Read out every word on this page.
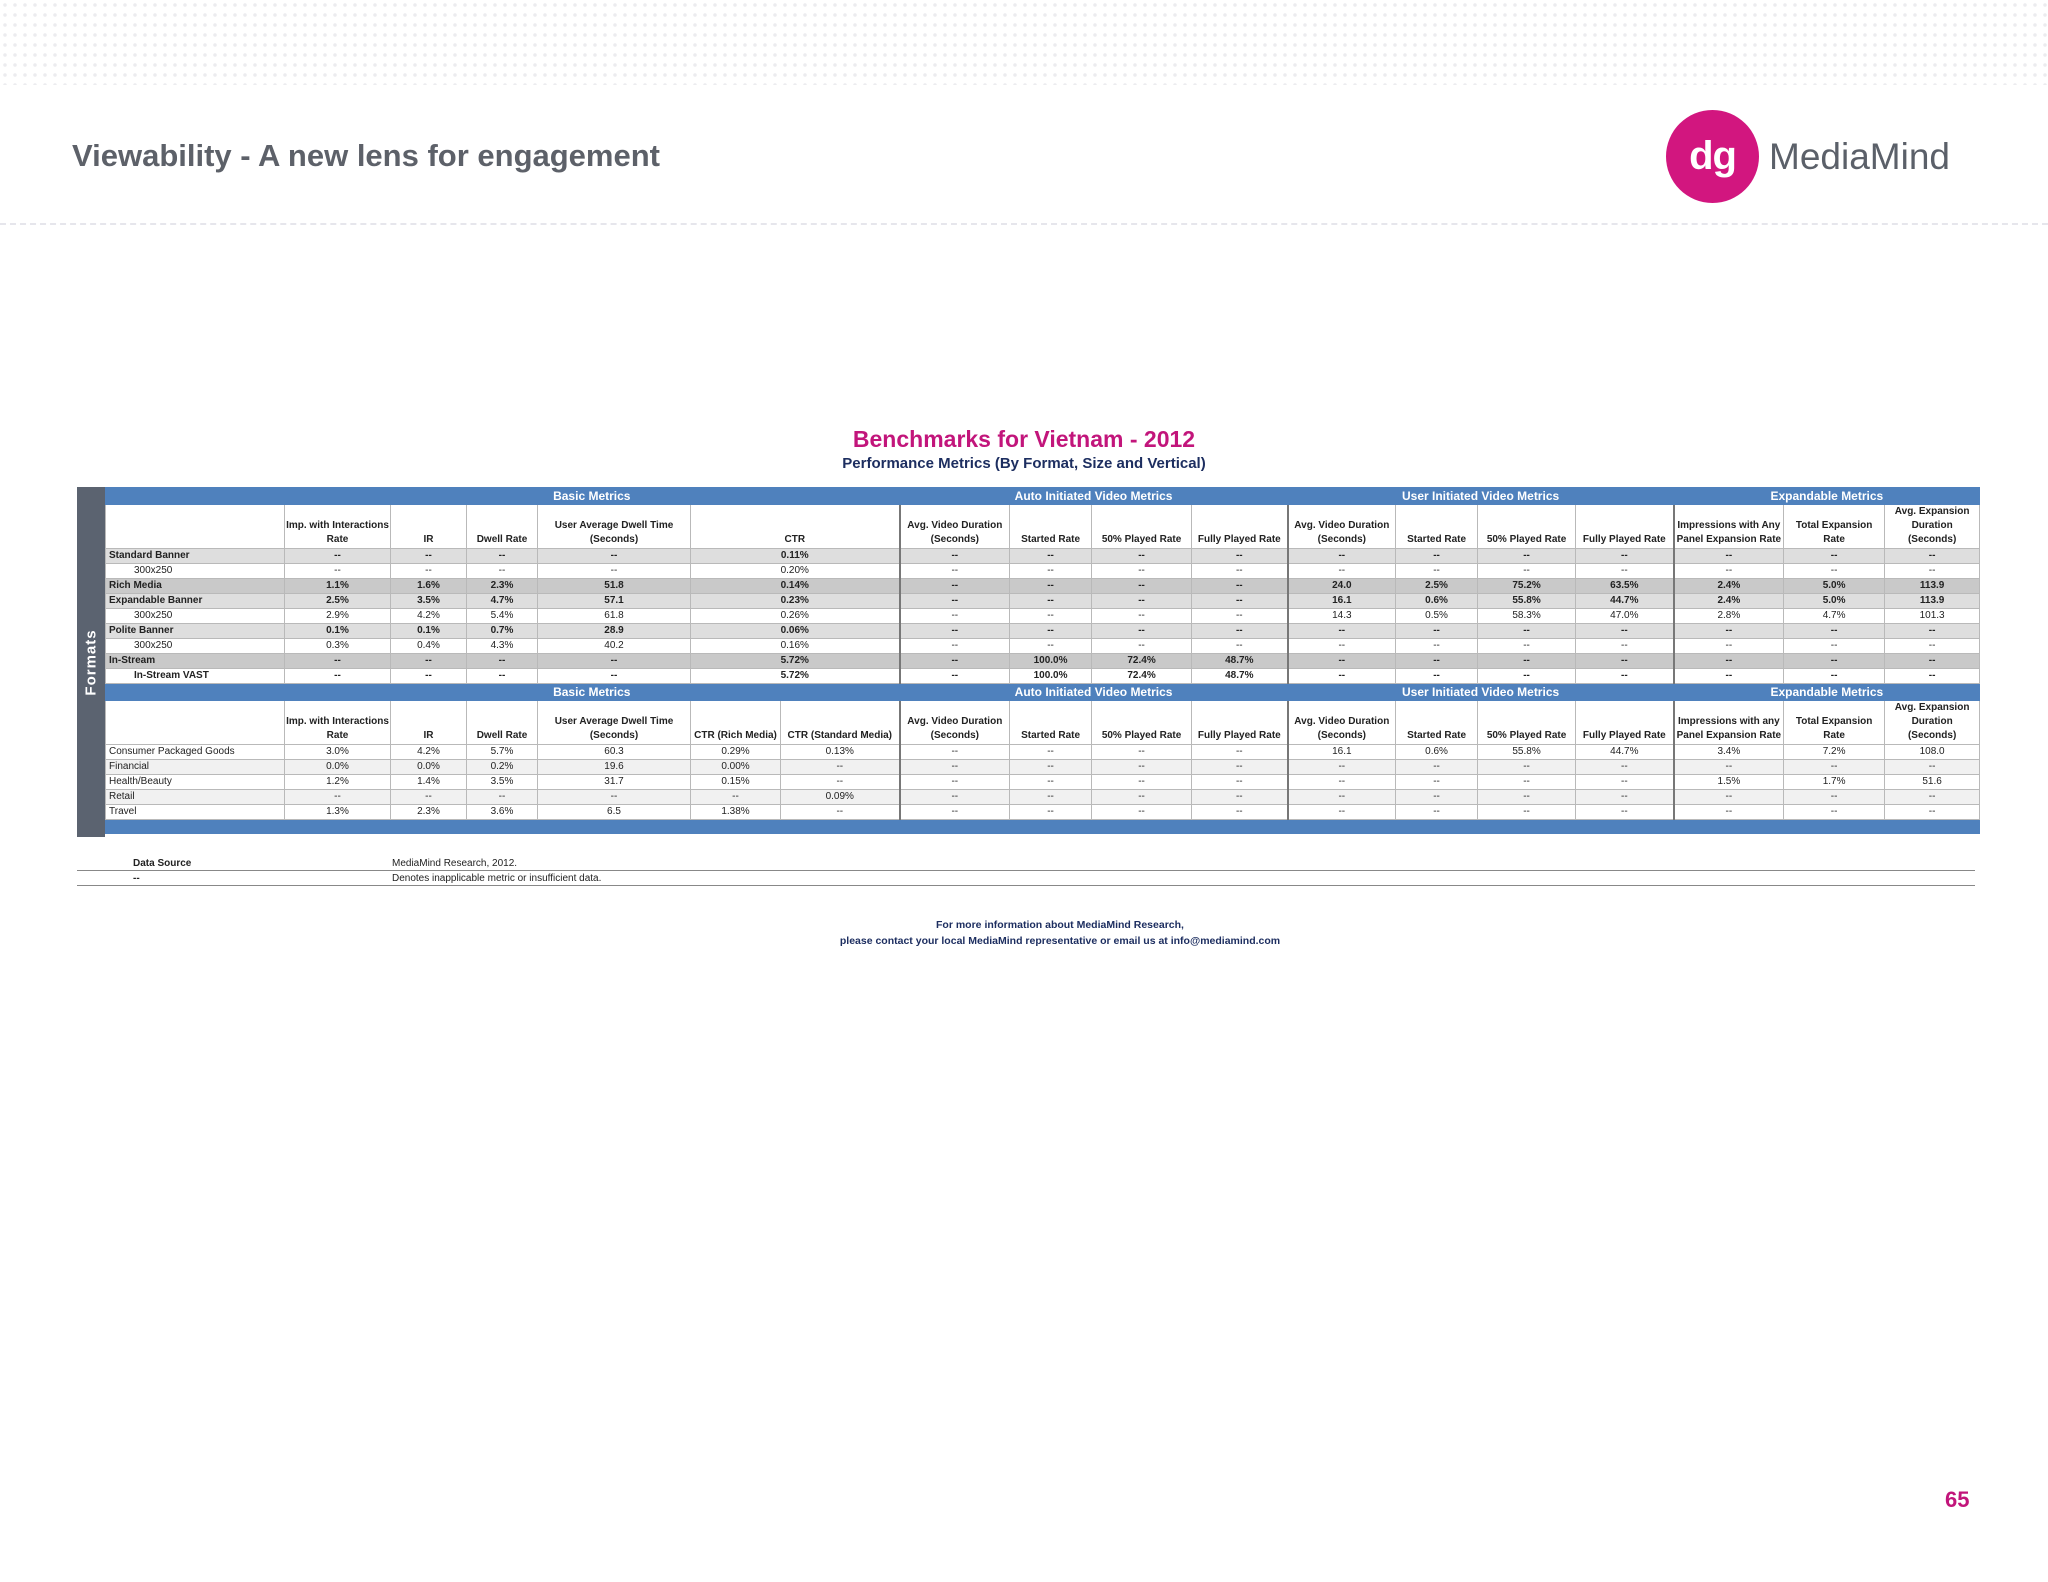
Viewability - A new lens for engagement	dg MediaMind
Benchmarks for Vietnam - 2012
Performance Metrics (By Format, Size and Vertical)
Formats
	Basic Metrics						Auto Initiated Video Metrics				User Initiated Video Metrics				Expandable Metrics		
	Imp. with Interactions Rate	IR	Dwell Rate	User Average Dwell Time (Seconds)	CTR		Avg. Video Duration (Seconds)	Started Rate	50% Played Rate	Fully Played Rate	Avg. Video Duration (Seconds)	Started Rate	50% Played Rate	Fully Played Rate	Impressions with Any Panel Expansion Rate	Total Expansion Rate	Avg. Expansion Duration (Seconds)
Standard Banner	--	--	--	--	0.11%		--	--	--	--	--	--	--	--	--	--	--
300x250	--	--	--	--	0.20%		--	--	--	--	--	--	--	--	--	--	--
Rich Media	1.1%	1.6%	2.3%	51.8	0.14%		--	--	--	--	24.0	2.5%	75.2%	63.5%	2.4%	5.0%	113.9
Expandable Banner	2.5%	3.5%	4.7%	57.1	0.23%		--	--	--	--	16.1	0.6%	55.8%	44.7%	2.4%	5.0%	113.9
300x250	2.9%	4.2%	5.4%	61.8	0.26%		--	--	--	--	14.3	0.5%	58.3%	47.0%	2.8%	4.7%	101.3
Polite Banner	0.1%	0.1%	0.7%	28.9	0.06%		--	--	--	--	--	--	--	--	--	--	--
300x250	0.3%	0.4%	4.3%	40.2	0.16%		--	--	--	--	--	--	--	--	--	--	--
In-Stream	--	--	--	--	5.72%		--	100.0%	72.4%	48.7%	--	--	--	--	--	--	--
In-Stream VAST	--	--	--	--	5.72%		--	100.0%	72.4%	48.7%	--	--	--	--	--	--	--
	Basic Metrics						Auto Initiated Video Metrics				User Initiated Video Metrics				Expandable Metrics		
	Imp. with Interactions Rate	IR	Dwell Rate	User Average Dwell Time (Seconds)	CTR (Rich Media)	CTR (Standard Media)	Avg. Video Duration (Seconds)	Started Rate	50% Played Rate	Fully Played Rate	Avg. Video Duration (Seconds)	Started Rate	50% Played Rate	Fully Played Rate	Impressions with any Panel Expansion Rate	Total Expansion Rate	Avg. Expansion Duration (Seconds)
Consumer Packaged Goods	3.0%	4.2%	5.7%	60.3	0.29%	0.13%	--	--	--	--	16.1	0.6%	55.8%	44.7%	3.4%	7.2%	108.0
Financial	0.0%	0.0%	0.2%	19.6	0.00%	--	--	--	--	--	--	--	--	--	--	--	--
Health/Beauty	1.2%	1.4%	3.5%	31.7	0.15%	--	--	--	--	--	--	--	--	--	1.5%	1.7%	51.6
Retail	--	--	--	--	--	0.09%	--	--	--	--	--	--	--	--	--	--	--
Travel	1.3%	2.3%	3.6%	6.5	1.38%	--	--	--	--	--	--	--	--	--	--	--	--

Data Source	MediaMind Research, 2012.
--	Denotes inapplicable metric or insufficient data.
For more information about MediaMind Research,
please contact your local MediaMind representative or email us at info@mediamind.com
65
